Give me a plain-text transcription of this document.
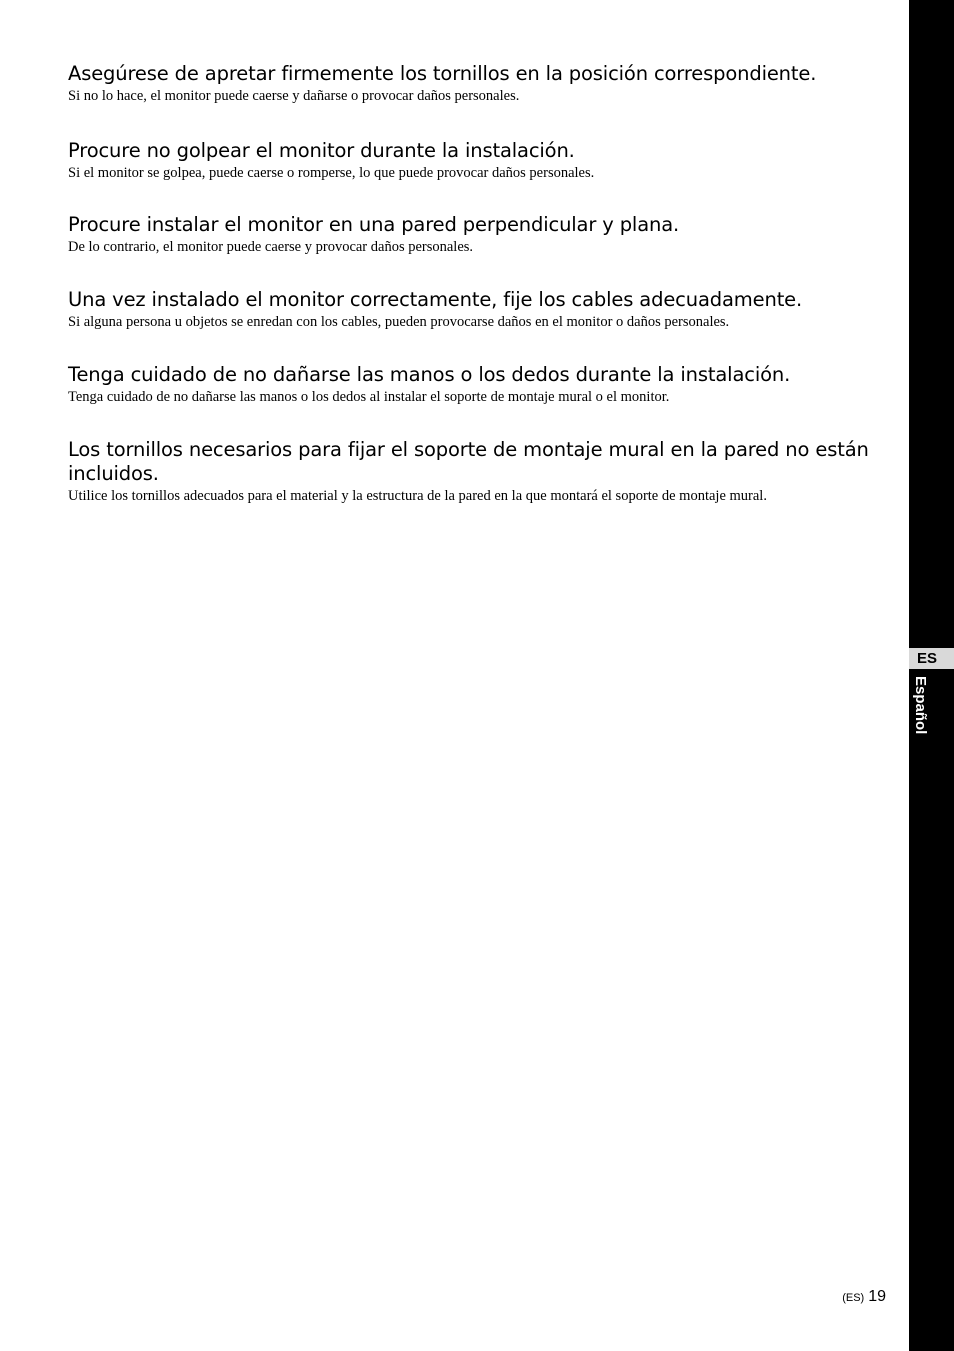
Asegúrese de apretar firmemente los tornillos en la posición correspondiente.

Si no lo hace, el monitor puede caerse y dañarse o provocar daños personales.

Procure no golpear el monitor durante la instalación.

Si el monitor se golpea, puede caerse o romperse, lo que puede provocar daños personales.

Procure instalar el monitor en una pared perpendicular y plana.

De lo contrario, el monitor puede caerse y provocar daños personales.

Una vez instalado el monitor correctamente, fije los cables adecuadamente.

Si alguna persona u objetos se enredan con los cables, pueden provocarse daños en el monitor o daños personales.

Tenga cuidado de no dañarse las manos o los dedos durante la instalación.

Tenga cuidado de no dañarse las manos o los dedos al instalar el soporte de montaje mural o el monitor.

Los tornillos necesarios para fijar el soporte de montaje mural en la pared no están incluidos.

Utilice los tornillos adecuados para el material y la estructura de la pared en la que montará el soporte de montaje mural.

ES
Español
(ES) 19
